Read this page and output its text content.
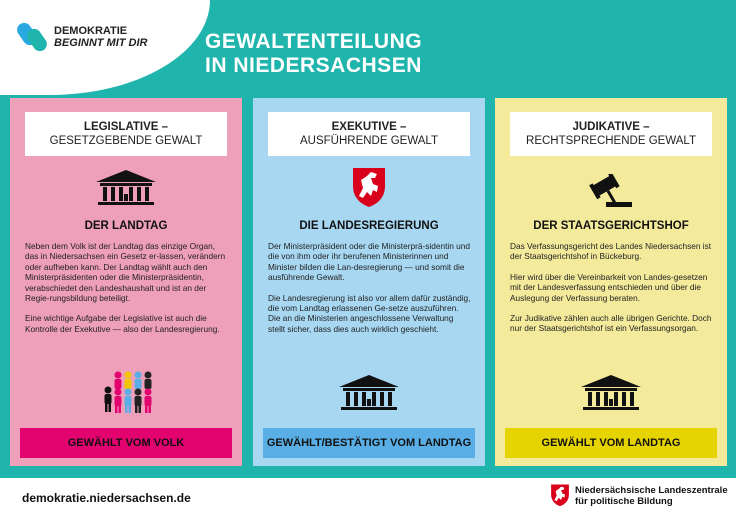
DEMOKRATIE
BEGINNT MIT DIR	GEWALTENTEILUNG
IN NIEDERSACHSEN
LEGISLATIVE –
GESETZGEBENDE GEWALT
DER LANDTAG

Neben dem Volk ist der Landtag das einzige Organ, das in Niedersachsen ein Gesetz er-lassen, verändern oder aufheben kann. Der Landtag wählt auch den Ministerpräsidenten oder die Ministerpräsidentin, verabschiedet den Landeshaushalt und ist an der Regie-rungsbildung beteiligt.

Eine wichtige Aufgabe der Legislative ist auch die Kontrolle der Exekutive — also der Landesregierung.

GEWÄHLT VOM VOLK
EXEKUTIVE –
AUSFÜHRENDE GEWALT
DIE LANDESREGIERUNG

Der Ministerpräsident oder die Ministerprä-sidentin und die von ihm oder ihr berufenen Ministerinnen und Minister bilden die Lan-desregierung — und somit die ausführende Gewalt.

Die Landesregierung ist also vor allem dafür zuständig, die vom Landtag erlassenen Ge-setze auszuführen. Die an die Ministerien angeschlossene Verwaltung stellt sicher, dass dies auch wirklich geschieht.

GEWÄHLT/BESTÄTIGT VOM LANDTAG
JUDIKATIVE –
RECHTSPRECHENDE GEWALT
DER STAATSGERICHTSHOF

Das Verfassungsgericht des Landes Niedersachsen ist der Staatsgerichtshof in Bückeburg.

Hier wird über die Vereinbarkeit von Landes-gesetzen mit der Landesverfassung entschieden und über die Auslegung der Verfassung beraten.

Zur Judikative zählen auch alle übrigen Gerichte. Doch nur der Staatsgerichtshof ist ein Verfassungsorgan.

GEWÄHLT VOM LANDTAG
demokratie.niedersachsen.de
Niedersächsische Landeszentrale
für politische Bildung
